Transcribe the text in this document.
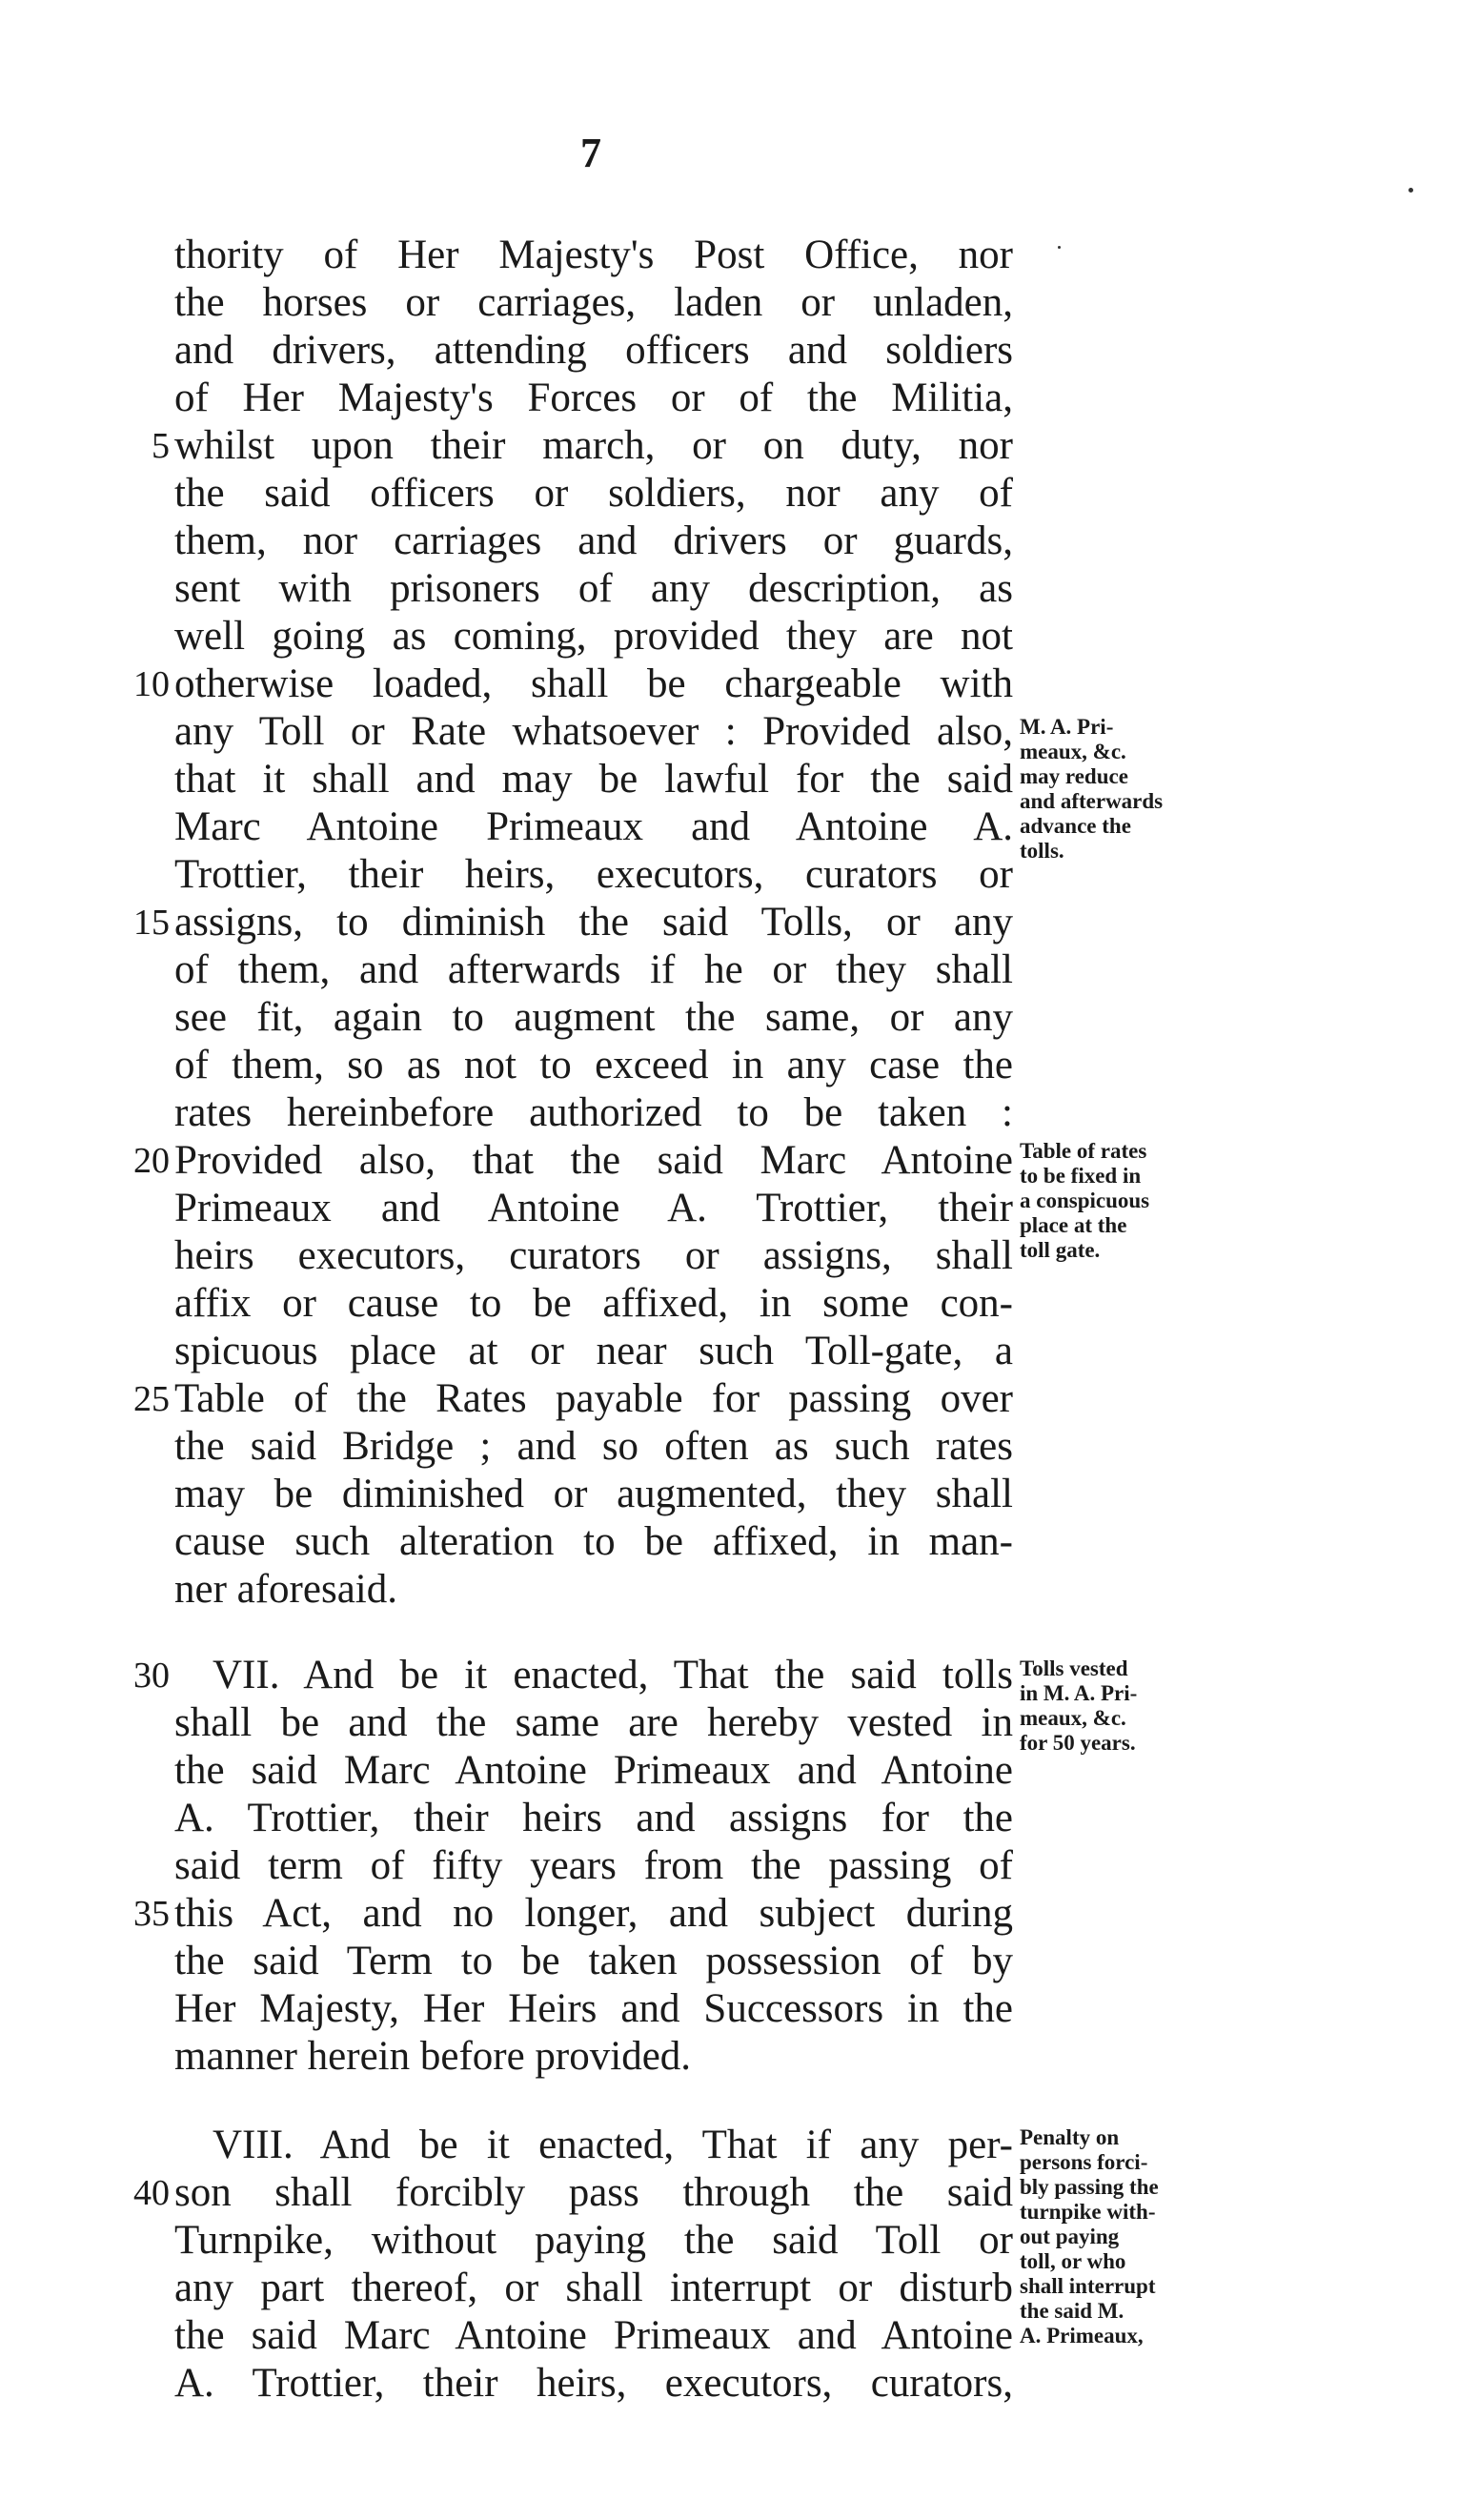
7
thority of Her Majesty's Post Office, nor
the horses or carriages, laden or unladen,
and drivers, attending officers and soldiers
of Her Majesty's Forces or of the Militia,
whilst upon their march, or on duty, nor
the said officers or soldiers, nor any of
them, nor carriages and drivers or guards,
sent with prisoners of any description, as
well going as coming, provided they are not
otherwise loaded, shall be chargeable with
any Toll or Rate whatsoever : Provided also,
that it shall and may be lawful for the said
Marc Antoine Primeaux and Antoine A.
Trottier, their heirs, executors, curators or
assigns, to diminish the said Tolls, or any
of them, and afterwards if he or they shall
see fit, again to augment the same, or any
of them, so as not to exceed in any case the
rates hereinbefore authorized to be taken :
Provided also, that the said Marc Antoine
Primeaux and Antoine A. Trottier, their
heirs executors, curators or assigns, shall
affix or cause to be affixed, in some con-
spicuous place at or near such Toll-gate, a
Table of the Rates payable for passing over
the said Bridge ; and so often as such rates
may be diminished or augmented, they shall
cause such alteration to be affixed, in man-
ner aforesaid.
VII. And be it enacted, That the said tolls
shall be and the same are hereby vested in
the said Marc Antoine Primeaux and Antoine
A. Trottier, their heirs and assigns for the
said term of fifty years from the passing of
this Act, and no longer, and subject during
the said Term to be taken possession of by
Her Majesty, Her Heirs and Successors in the
manner herein before provided.
VIII. And be it enacted, That if any per-
son shall forcibly pass through the said
Turnpike, without paying the said Toll or
any part thereof, or shall interrupt or disturb
the said Marc Antoine Primeaux and Antoine
A. Trottier, their heirs, executors, curators,
5
10
15
20
25
30
35
40
M. A. Pri-
meaux, &c.
may reduce
and afterwards
advance the
tolls.
Table of rates
to be fixed in
a conspicuous
place at the
toll gate.
Tolls vested
in M. A. Pri-
meaux, &c.
for 50 years.
Penalty on
persons forci-
bly passing the
turnpike with-
out paying
toll, or who
shall interrupt
the said M.
A. Primeaux,
